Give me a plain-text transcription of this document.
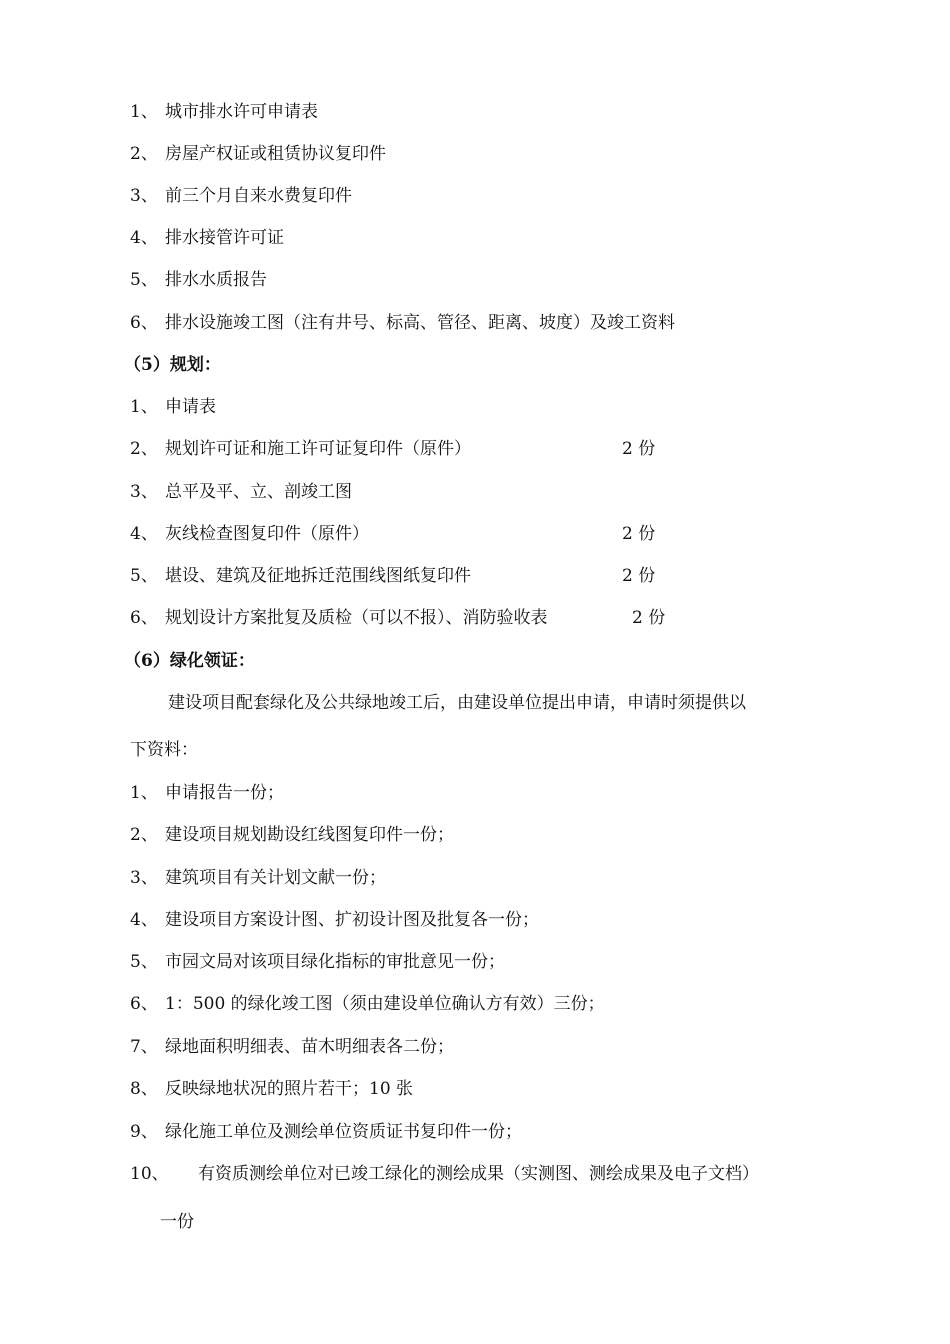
1、 城市排水许可申请表
2、 房屋产权证或租赁协议复印件
3、 前三个月自来水费复印件
4、 排水接管许可证
5、 排水水质报告
6、 排水设施竣工图（注有井号、标高、管径、距离、坡度）及竣工资料
（5）规划：
1、 申请表
2、 规划许可证和施工许可证复印件（原件）	2 份
3、 总平及平、立、剖竣工图
4、 灰线检查图复印件（原件）	2 份
5、 堪设、建筑及征地拆迁范围线图纸复印件	2 份
6、 规划设计方案批复及质检（可以不报）、消防验收表	2 份
（6）绿化领证：
建设项目配套绿化及公共绿地竣工后，由建设单位提出申请，申请时须提供以
下资料：
1、 申请报告一份；
2、 建设项目规划勘设红线图复印件一份；
3、 建筑项目有关计划文献一份；
4、 建设项目方案设计图、扩初设计图及批复各一份；
5、 市园文局对该项目绿化指标的审批意见一份；
6、 1：500 的绿化竣工图（须由建设单位确认方有效）三份；
7、 绿地面积明细表、苗木明细表各二份；
8、 反映绿地状况的照片若干；10 张
9、 绿化施工单位及测绘单位资质证书复印件一份；
10、 有资质测绘单位对已竣工绿化的测绘成果（实测图、测绘成果及电子文档）
一份
